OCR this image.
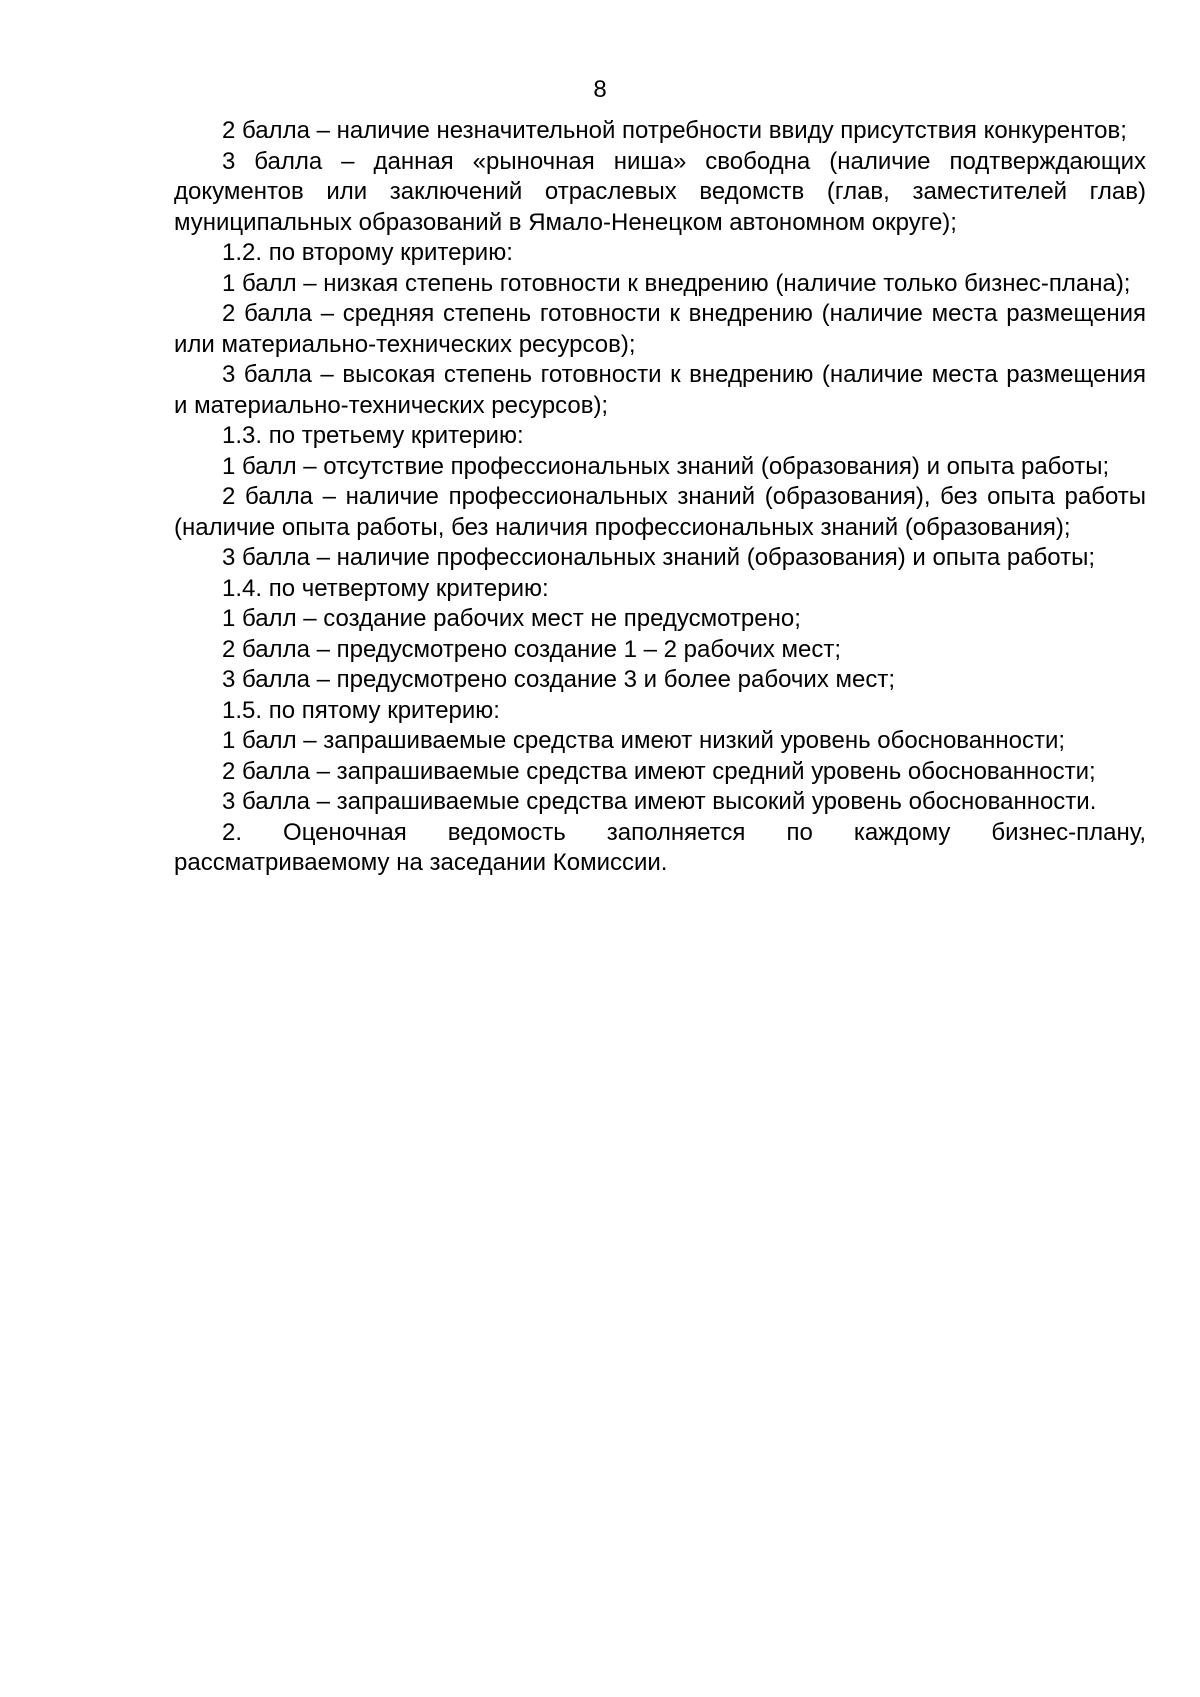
8

2 балла – наличие незначительной потребности ввиду присутствия конкурентов;

3 балла – данная «рыночная ниша» свободна (наличие подтверждающих документов или заключений отраслевых ведомств (глав, заместителей глав) муниципальных образований в Ямало-Ненецком автономном округе);

1.2. по второму критерию:

1 балл – низкая степень готовности к внедрению (наличие только бизнес-плана);

2 балла – средняя степень готовности к внедрению (наличие места размещения или материально-технических ресурсов);

3 балла – высокая степень готовности к внедрению (наличие места размещения и материально-технических ресурсов);

1.3. по третьему критерию:

1 балл – отсутствие профессиональных знаний (образования) и опыта работы;

2 балла – наличие профессиональных знаний (образования), без опыта работы (наличие опыта работы, без наличия профессиональных знаний (образования);

3 балла – наличие профессиональных знаний (образования) и опыта работы;

1.4. по четвертому критерию:

1 балл – создание рабочих мест не предусмотрено;

2 балла – предусмотрено создание 1 – 2 рабочих мест;

3 балла – предусмотрено создание 3 и более рабочих мест;

1.5. по пятому критерию:

1 балл – запрашиваемые средства имеют низкий уровень обоснованности;

2 балла – запрашиваемые средства имеют средний уровень обоснованности;

3 балла – запрашиваемые средства имеют высокий уровень обоснованности.

2. Оценочная ведомость заполняется по каждому бизнес-плану, рассматриваемому на заседании Комиссии.
